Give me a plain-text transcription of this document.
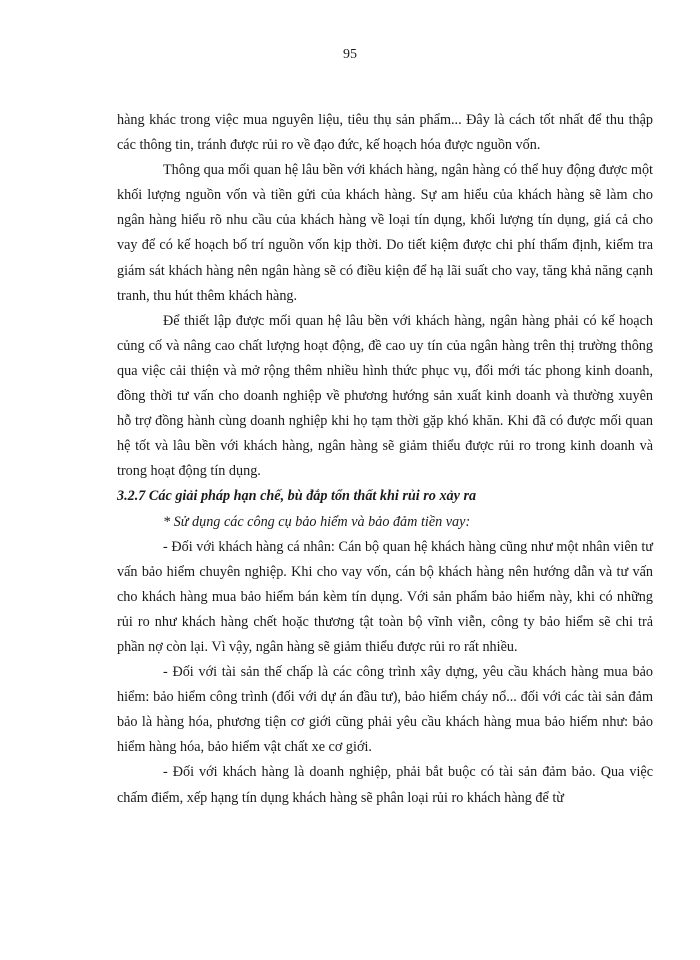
95

hàng khác trong việc mua nguyên liệu, tiêu thụ sản phẩm... Đây là cách tốt nhất để thu thập các thông tin, tránh được rủi ro về đạo đức, kế hoạch hóa được nguồn vốn.

Thông qua mối quan hệ lâu bền với khách hàng, ngân hàng có thể huy động được một khối lượng nguồn vốn và tiền gửi của khách hàng. Sự am hiểu của khách hàng sẽ làm cho ngân hàng hiểu rõ nhu cầu của khách hàng về loại tín dụng, khối lượng tín dụng, giá cả cho vay để có kế hoạch bố trí nguồn vốn kịp thời. Do tiết kiệm được chi phí thẩm định, kiểm tra giám sát khách hàng nên ngân hàng sẽ có điều kiện để hạ lãi suất cho vay, tăng khả năng cạnh tranh, thu hút thêm khách hàng.

Để thiết lập được mối quan hệ lâu bền với khách hàng, ngân hàng phải có kế hoạch củng cố và nâng cao chất lượng hoạt động, đề cao uy tín của ngân hàng trên thị trường thông qua việc cải thiện và mở rộng thêm nhiều hình thức phục vụ, đổi mới tác phong kinh doanh, đồng thời tư vấn cho doanh nghiệp về phương hướng sản xuất kinh doanh và thường xuyên hỗ trợ đồng hành cùng doanh nghiệp khi họ tạm thời gặp khó khăn. Khi đã có được mối quan hệ tốt và lâu bền với khách hàng, ngân hàng sẽ giảm thiểu được rủi ro trong kinh doanh và trong hoạt động tín dụng.

3.2.7 Các giải pháp hạn chế, bù đắp tổn thất khi rủi ro xảy ra

* Sử dụng các công cụ bảo hiểm và bảo đảm tiền vay:

- Đối với khách hàng cá nhân: Cán bộ quan hệ khách hàng cũng như một nhân viên tư vấn bảo hiểm chuyên nghiệp. Khi cho vay vốn, cán bộ khách hàng nên hướng dẫn và tư vấn cho khách hàng mua bảo hiểm bán kèm tín dụng. Với sản phẩm bảo hiểm này, khi có những rủi ro như khách hàng chết hoặc thương tật toàn bộ vĩnh viễn, công ty bảo hiểm sẽ chi trả phần nợ còn lại. Vì vậy, ngân hàng sẽ giảm thiểu được rủi ro rất nhiều.

- Đối với tài sản thế chấp là các công trình xây dựng, yêu cầu khách hàng mua bảo hiểm: bảo hiểm công trình (đối với dự án đầu tư), bảo hiểm cháy nổ... đối với các tài sản đảm bảo là hàng hóa, phương tiện cơ giới cũng phải yêu cầu khách hàng mua bảo hiểm như: bảo hiểm hàng hóa, bảo hiểm vật chất xe cơ giới.

- Đối với khách hàng là doanh nghiệp, phải bắt buộc có tài sản đảm bảo. Qua việc chấm điểm, xếp hạng tín dụng khách hàng sẽ phân loại rủi ro khách hàng để từ
